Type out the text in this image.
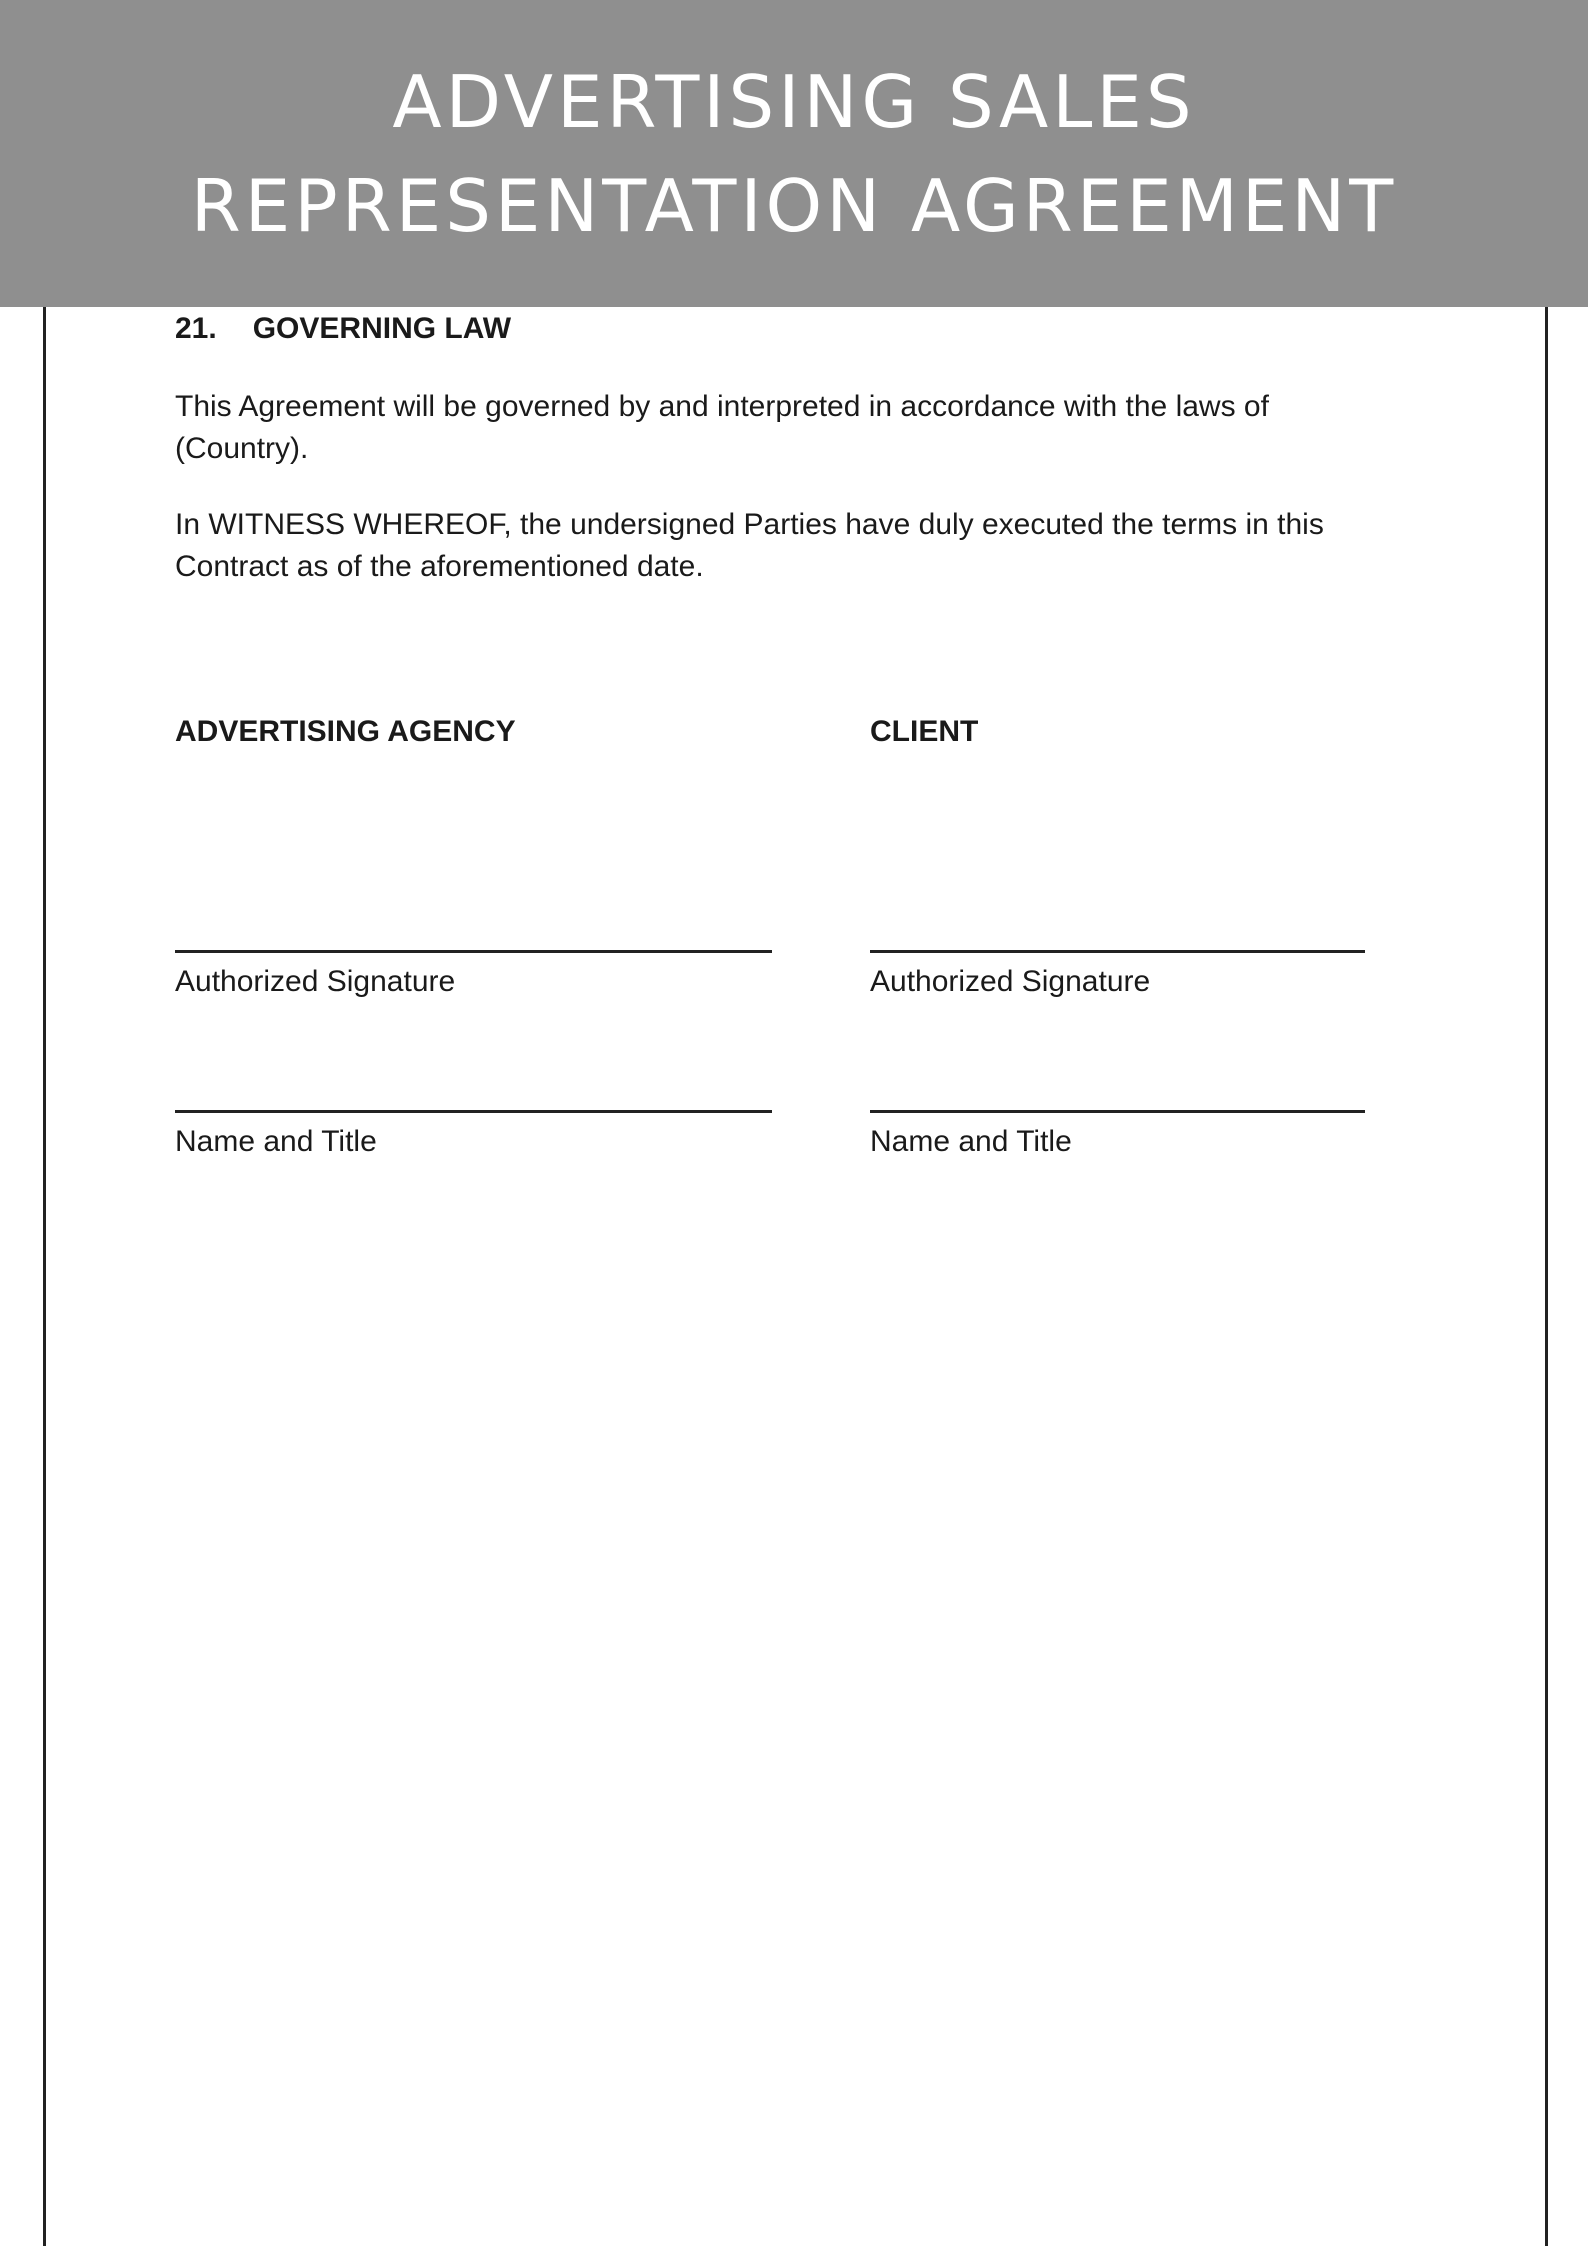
ADVERTISING SALES
REPRESENTATION AGREEMENT
21. GOVERNING LAW

This Agreement will be governed by and interpreted in accordance with the laws of (Country).

In WITNESS WHEREOF, the undersigned Parties have duly executed the terms in this Contract as of the aforementioned date.

ADVERTISING AGENCY

Authorized Signature
Name and Title

CLIENT

Authorized Signature
Name and Title
